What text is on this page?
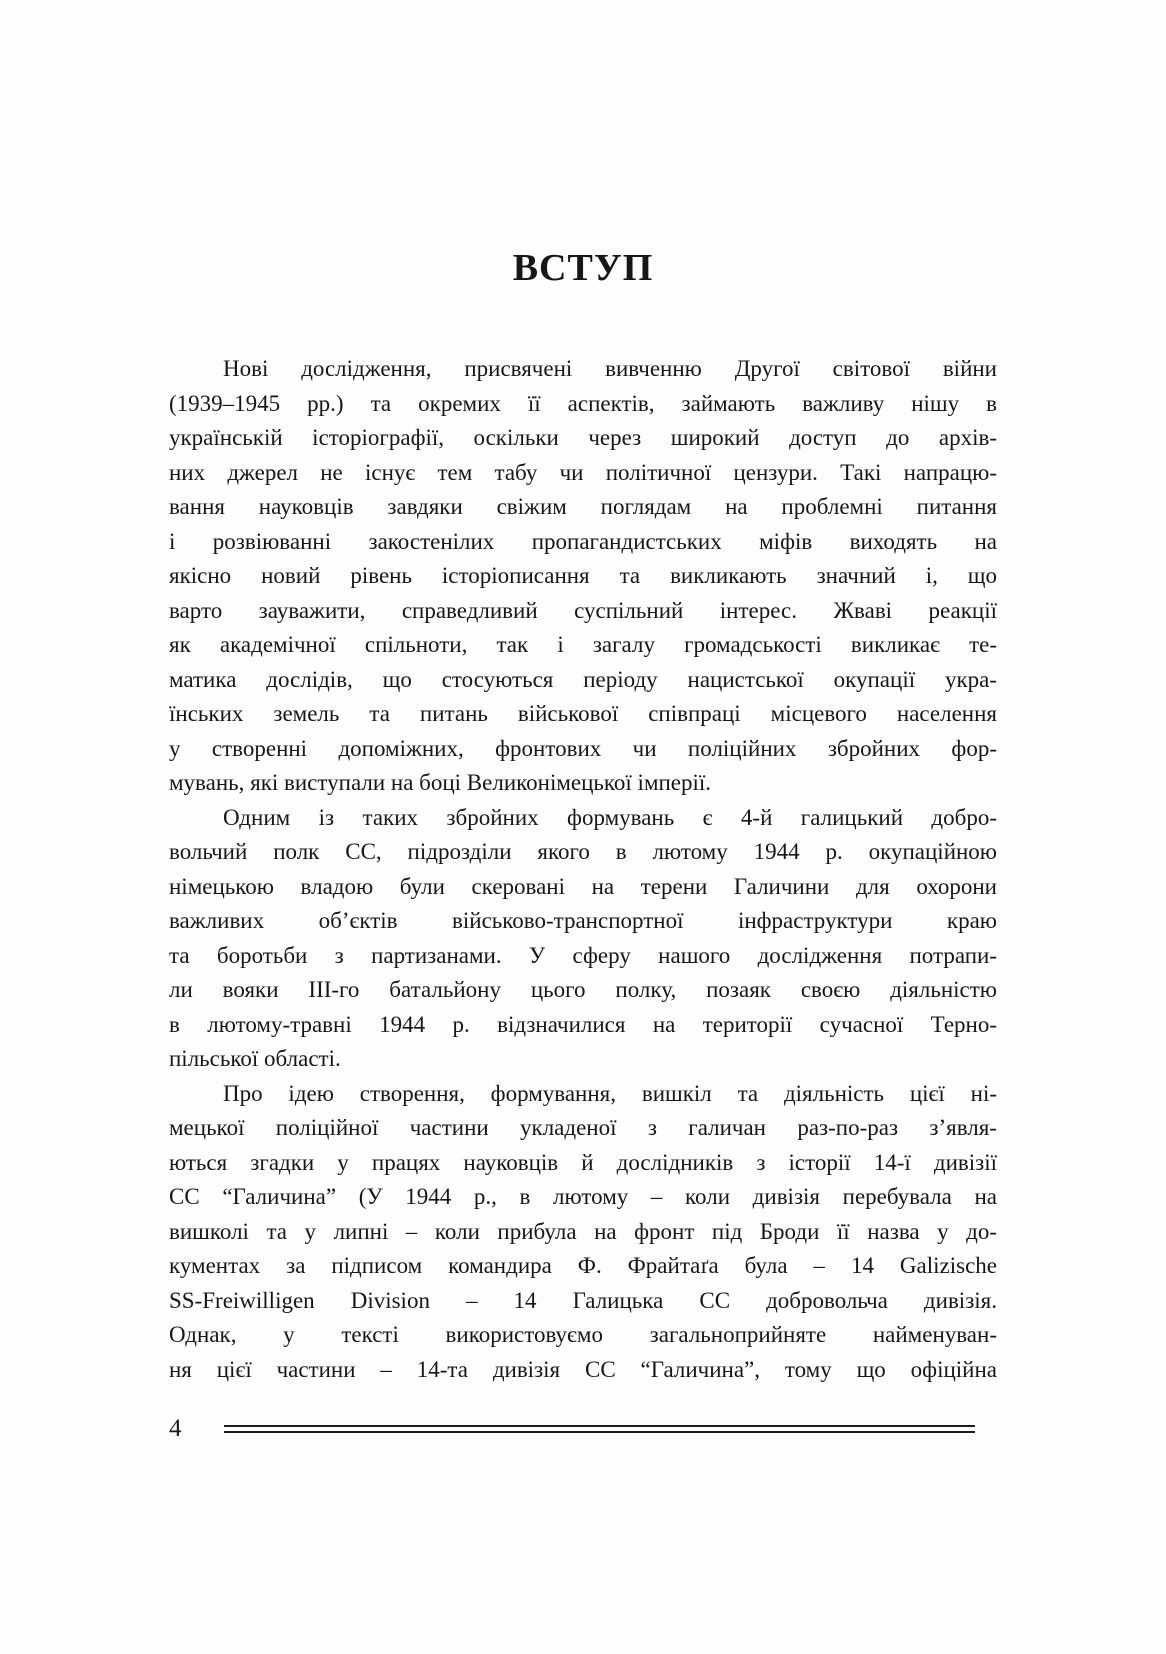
ВСТУП
Нові дослідження, присвячені вивченню Другої світової війни
(1939–1945 рр.) та окремих її аспектів, займають важливу нішу в
українській історіографії, оскільки через широкий доступ до архів-
них джерел не існує тем табу чи політичної цензури. Такі напрацю-
вання науковців завдяки свіжим поглядам на проблемні питання
і розвіюванні закостенілих пропагандистських міфів виходять на
якісно новий рівень історіописання та викликають значний і, що
варто зауважити, справедливий суспільний інтерес. Жваві реакції
як академічної спільноти, так і загалу громадськості викликає те-
матика дослідів, що стосуються періоду нацистської окупації укра-
їнських земель та питань військової співпраці місцевого населення
у створенні допоміжних, фронтових чи поліційних збройних фор-
мувань, які виступали на боці Великонімецької імперії.
Одним із таких збройних формувань є 4-й галицький добро-
вольчий полк СС, підрозділи якого в лютому 1944 р. окупаційною
німецькою владою були скеровані на терени Галичини для охорони
важливих об’єктів військово-транспортної інфраструктури краю
та боротьби з партизанами. У сферу нашого дослідження потрапи-
ли вояки ІІІ-го батальйону цього полку, позаяк своєю діяльністю
в лютому-травні 1944 р. відзначилися на території сучасної Терно-
пільської області.
Про ідею створення, формування, вишкіл та діяльність цієї ні-
мецької поліційної частини укладеної з галичан раз-по-раз з’явля-
ються згадки у працях науковців й дослідників з історії 14-ї дивізії
СС “Галичина” (У 1944 р., в лютому – коли дивізія перебувала на
вишколі та у липні – коли прибула на фронт під Броди її назва у до-
кументах за підписом командира Ф. Фрайтаґа була – 14 Galizische
SS-Freiwilligen Division – 14 Галицька СС добровольча дивізія.
Однак, у тексті використовуємо загальноприйняте найменуван-
ня цієї частини – 14-та дивізія СС “Галичина”, тому що офіційна
4
